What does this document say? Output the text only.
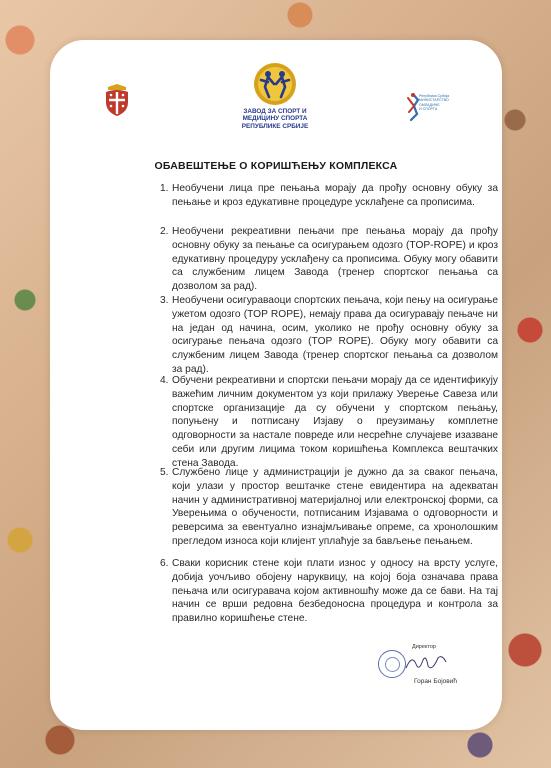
ЗАВОД ЗА СПОРТ И
МЕДИЦИНУ СПОРТА
РЕПУБЛИКЕ СРБИЈЕ
Република Србија
МИНИСТАРСТВО
ОМЛАДИНЕ
И СПОРТА
ОБАВЕШТЕЊЕ О КОРИШЋЕЊУ КОМПЛЕКСА
1. Необучени лица пре пењања морају да прођу основну обуку за пењање и кроз едукативне процедуре усклађене са прописима.
2. Необучени рекреативни пењачи пре пењања морају да прођу основну обуку за пењање са осигурањем одозго (TOP-ROPE) и кроз едукативну процедуру усклађену са прописима. Обуку могу обавити са службеним лицем Завода (тренер спортског пењања са дозволом за рад).
3. Необучени осигураваоци спортских пењача, који пењу на осигурање ужетом одозго (TOP ROPE), немају права да осигуравају пењаче ни на један од начина, осим, уколико не прођу основну обуку за осигурање пењача одозго (TOP ROPE). Обуку могу обавити са службеним лицем Завода (тренер спортског пењања са дозволом за рад).
4. Обучени рекреативни и спортски пењачи морају да се идентификују важећим личним документом уз који прилажу Уверење Савеза или спортске организације да су обучени у спортском пењању, попуњену и потписану Изјаву о преузимању комплетне одговорности за настале повреде или несрећне случајеве изазване себи или другим лицима током коришћења Комплекса вештачких стена Завода.
5. Службено лице у администрацији је дужно да за сваког пењача, који улази у простор вештачке стене евидентира на адекватан начин у административној материјалној или електронској форми, са Уверењима о обучености, потписаним Изјавама о одговорности и реверсима за евентуално изнајмљивање опреме, са хронолошким прегледом износа који клијент уплаћује за бављење пењањем.
6. Сваки корисник стене који плати износ у односу на врсту услуге, добија уочљиво обојену наруквицу, на којој боја означава права пењача или осигуравача којом активношћу може да се бави. На тај начин се врши редовна безбедоносна процедура и контрола за правилно коришћење стене.
Директор
Горан Бојовић
